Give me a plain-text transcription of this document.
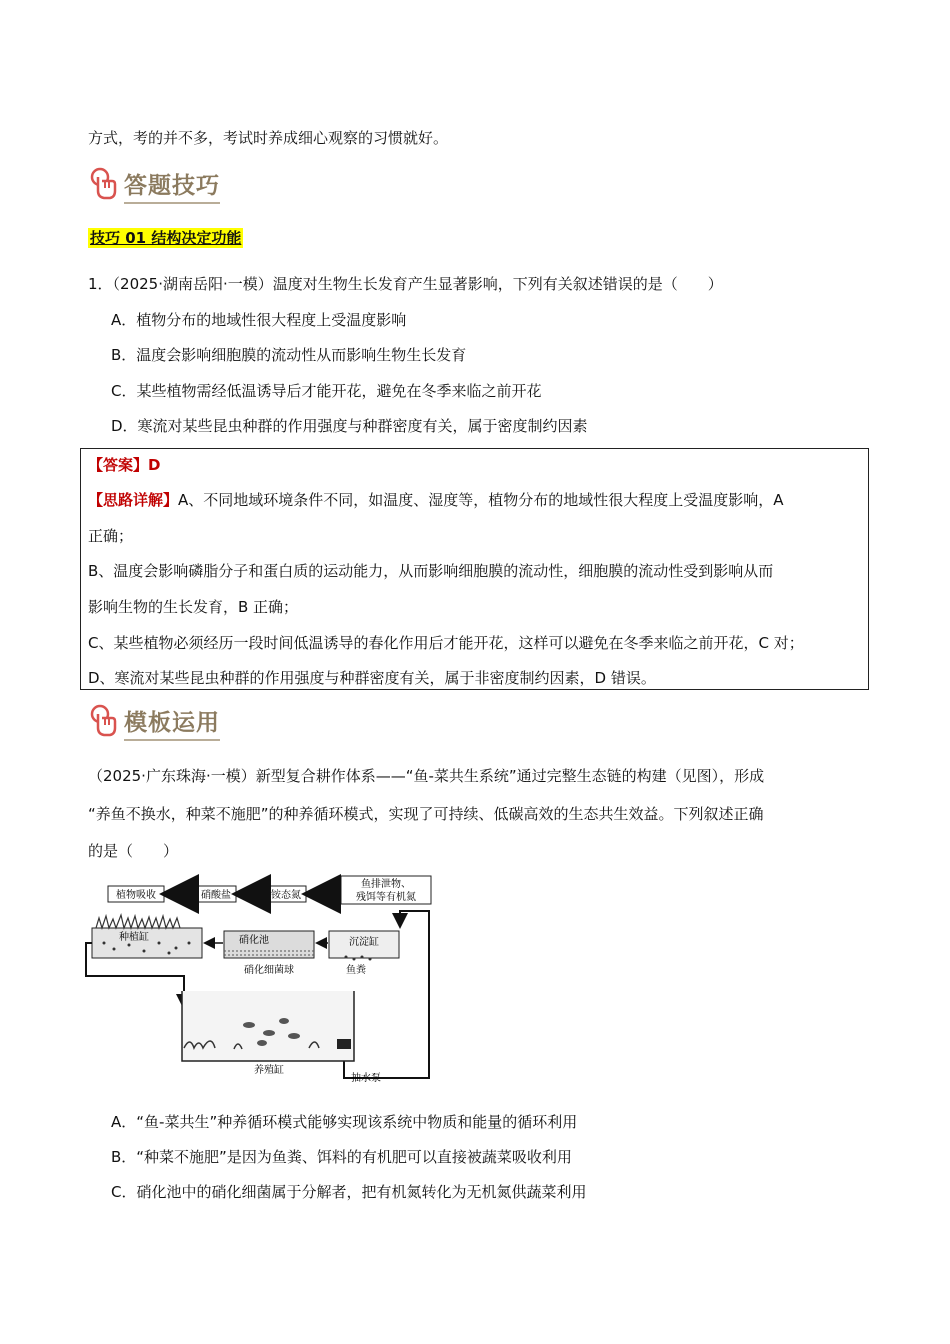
方式，考的并不多，考试时养成细心观察的习惯就好。
答题技巧
技巧 01 结构决定功能
1．（2025·湖南岳阳·一模）温度对生物生长发育产生显著影响，下列有关叙述错误的是（　　）
A．植物分布的地域性很大程度上受温度影响
B．温度会影响细胞膜的流动性从而影响生物生长发育
C．某些植物需经低温诱导后才能开花，避免在冬季来临之前开花
D．寒流对某些昆虫种群的作用强度与种群密度有关，属于密度制约因素
【答案】D
【思路详解】A、不同地域环境条件不同，如温度、湿度等，植物分布的地域性很大程度上受温度影响，A
正确；
B、温度会影响磷脂分子和蛋白质的运动能力，从而影响细胞膜的流动性，细胞膜的流动性受到影响从而
影响生物的生长发育，B 正确；
C、某些植物必须经历一段时间低温诱导的春化作用后才能开花，这样可以避免在冬季来临之前开花，C 对；
D、寒流对某些昆虫种群的作用强度与种群密度有关，属于非密度制约因素，D 错误。
模板运用
（2025·广东珠海·一模）新型复合耕作体系——“鱼-菜共生系统”通过完整生态链的构建（见图），形成
“养鱼不换水，种菜不施肥”的种养循环模式，实现了可持续、低碳高效的生态共生效益。下列叙述正确
的是（　　）
植物吸收	硝酸盐	铵态氮
鱼排泄物、
残饵等有机氮
种植缸	硝化池	沉淀缸
硝化细菌球	鱼粪
养殖缸
抽水泵
A．“鱼-菜共生”种养循环模式能够实现该系统中物质和能量的循环利用
B．“种菜不施肥”是因为鱼粪、饵料的有机肥可以直接被蔬菜吸收利用
C．硝化池中的硝化细菌属于分解者，把有机氮转化为无机氮供蔬菜利用
